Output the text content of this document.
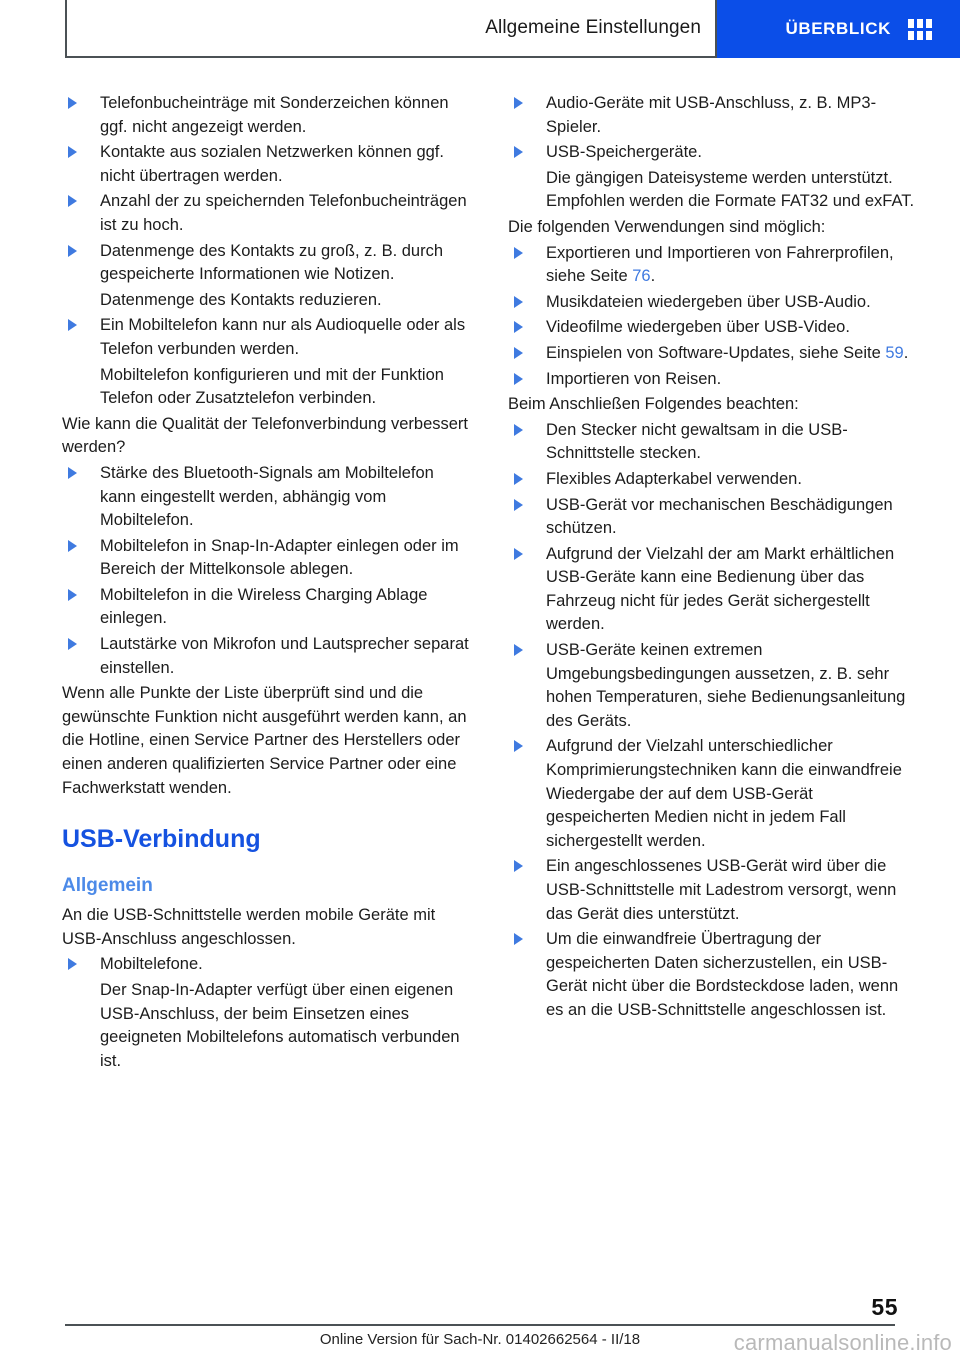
Allgemeine Einstellungen	ÜBERBLICK
Telefonbucheinträge mit Sonderzeichen können ggf. nicht angezeigt werden.
Kontakte aus sozialen Netzwerken können ggf. nicht übertragen werden.
Anzahl der zu speichernden Telefonbucheinträgen ist zu hoch.
Datenmenge des Kontakts zu groß, z. B. durch gespeicherte Informationen wie Notizen.
Datenmenge des Kontakts reduzieren.
Ein Mobiltelefon kann nur als Audioquelle oder als Telefon verbunden werden.
Mobiltelefon konfigurieren und mit der Funktion Telefon oder Zusatztelefon verbinden.
Wie kann die Qualität der Telefonverbindung verbessert werden?
Stärke des Bluetooth-Signals am Mobiltelefon kann eingestellt werden, abhängig vom Mobiltelefon.
Mobiltelefon in Snap-In-Adapter einlegen oder im Bereich der Mittelkonsole ablegen.
Mobiltelefon in die Wireless Charging Ablage einlegen.
Lautstärke von Mikrofon und Lautsprecher separat einstellen.
Wenn alle Punkte der Liste überprüft sind und die gewünschte Funktion nicht ausgeführt werden kann, an die Hotline, einen Service Partner des Herstellers oder einen anderen qualifizierten Service Partner oder eine Fachwerkstatt wenden.
USB-Verbindung
Allgemein
An die USB-Schnittstelle werden mobile Geräte mit USB-Anschluss angeschlossen.
Mobiltelefone.
Der Snap-In-Adapter verfügt über einen eigenen USB-Anschluss, der beim Einsetzen eines geeigneten Mobiltelefons automatisch verbunden ist.
Audio-Geräte mit USB-Anschluss, z. B. MP3-Spieler.
USB-Speichergeräte.
Die gängigen Dateisysteme werden unterstützt. Empfohlen werden die Formate FAT32 und exFAT.
Die folgenden Verwendungen sind möglich:
Exportieren und Importieren von Fahrerprofilen, siehe Seite 76.
Musikdateien wiedergeben über USB-Audio.
Videofilme wiedergeben über USB-Video.
Einspielen von Software-Updates, siehe Seite 59.
Importieren von Reisen.
Beim Anschließen Folgendes beachten:
Den Stecker nicht gewaltsam in die USB-Schnittstelle stecken.
Flexibles Adapterkabel verwenden.
USB-Gerät vor mechanischen Beschädigungen schützen.
Aufgrund der Vielzahl der am Markt erhältlichen USB-Geräte kann eine Bedienung über das Fahrzeug nicht für jedes Gerät sichergestellt werden.
USB-Geräte keinen extremen Umgebungsbedingungen aussetzen, z. B. sehr hohen Temperaturen, siehe Bedienungsanleitung des Geräts.
Aufgrund der Vielzahl unterschiedlicher Komprimierungstechniken kann die einwandfreie Wiedergabe der auf dem USB-Gerät gespeicherten Medien nicht in jedem Fall sichergestellt werden.
Ein angeschlossenes USB-Gerät wird über die USB-Schnittstelle mit Ladestrom versorgt, wenn das Gerät dies unterstützt.
Um die einwandfreie Übertragung der gespeicherten Daten sicherzustellen, ein USB-Gerät nicht über die Bordsteckdose laden, wenn es an die USB-Schnittstelle angeschlossen ist.
55
Online Version für Sach-Nr. 01402662564 - II/18	carmanualsonline.info
